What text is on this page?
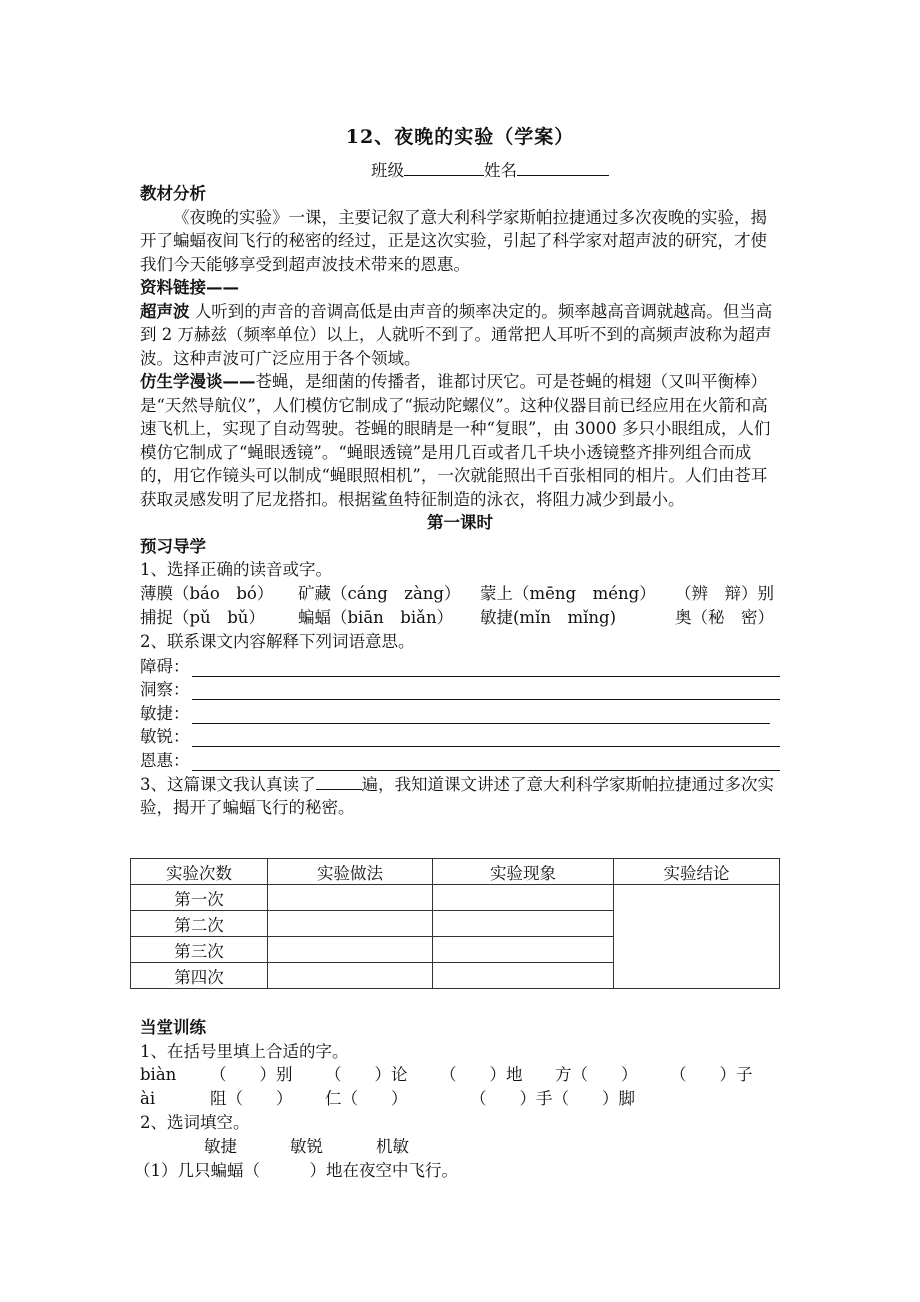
12、夜晚的实验（学案）
班级	姓名
教材分析

《夜晚的实验》一课，主要记叙了意大利科学家斯帕拉捷通过多次夜晚的实验，揭开了蝙蝠夜间飞行的秘密的经过，正是这次实验，引起了科学家对超声波的研究，才使我们今天能够享受到超声波技术带来的恩惠。

资料链接——

超声波 人听到的声音的音调高低是由声音的频率决定的。频率越高音调就越高。但当高到 2 万赫兹（频率单位）以上，人就听不到了。通常把人耳听不到的高频声波称为超声波。这种声波可广泛应用于各个领域。

仿生学漫谈——苍蝇，是细菌的传播者，谁都讨厌它。可是苍蝇的楫翅（又叫平衡棒）是“天然导航仪”，人们模仿它制成了“振动陀螺仪”。这种仪器目前已经应用在火箭和高速飞机上，实现了自动驾驶。苍蝇的眼睛是一种“复眼”，由 3000 多只小眼组成，人们模仿它制成了“蝇眼透镜”。“蝇眼透镜”是用几百或者几千块小透镜整齐排列组合而成的，用它作镜头可以制成“蝇眼照相机”，一次就能照出千百张相同的相片。人们由苍耳获取灵感发明了尼龙搭扣。根据鲨鱼特征制造的泳衣，将阻力减少到最小。

第一课时
预习导学
1、选择正确的读音或字。
薄膜（báo　bó）	矿藏（cáng　zàng）	蒙上（mēng　méng）	（辨　辩）别
捕捉（pǔ　bǔ）	蝙蝠（biān　biǎn）	敏捷(mǐn　mǐng)	奥（秘　密）
2、联系课文内容解释下列词语意思。
障碍：
洞察：
敏捷：
敏锐：
恩惠：

3、这篇课文我认真读了	遍，我知道课文讲述了意大利科学家斯帕拉捷通过多次实验，揭开了蝙蝠飞行的秘密。

实验次数	实验做法	实验现象	实验结论
第一次			
第二次			
第三次			
第四次			
当堂训练
1、在括号里填上合适的字。
biàn	（　　）别	（　　）论	（　　）地	方（　　）	（　　）子
ài	阻（　　）	仁（　　）	（　　）手（　　）脚
2、选词填空。
敏捷	敏锐	机敏
（1）几只蝙蝠（　　　）地在夜空中飞行。
